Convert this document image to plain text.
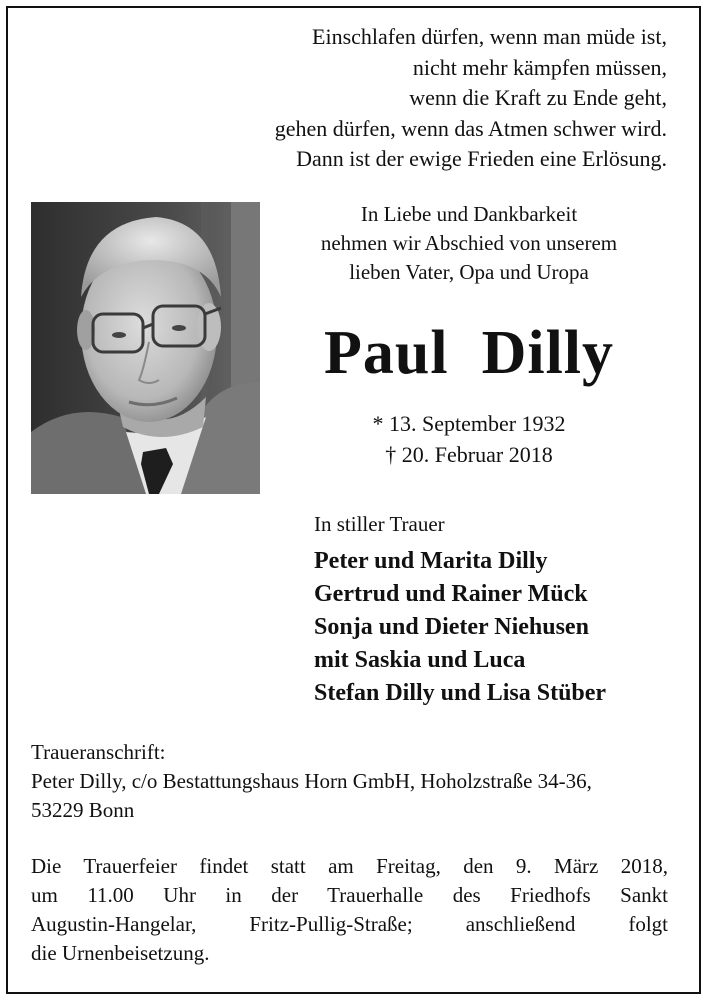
Einschlafen dürfen, wenn man müde ist,
nicht mehr kämpfen müssen,
wenn die Kraft zu Ende geht,
gehen dürfen, wenn das Atmen schwer wird.
Dann ist der ewige Frieden eine Erlösung.
In Liebe und Dankbarkeit
nehmen wir Abschied von unserem
lieben Vater, Opa und Uropa
Paul  Dilly
* 13. September 1932
† 20. Februar 2018
In stiller Trauer
Peter und Marita Dilly
Gertrud und Rainer Mück
Sonja und Dieter Niehusen
mit Saskia und Luca
Stefan Dilly und Lisa Stüber
Traueranschrift:
Peter Dilly, c/o Bestattungshaus Horn GmbH, Hoholzstraße 34-36,
53229 Bonn
Die Trauerfeier findet statt am Freitag, den 9. März 2018,
um 11.00 Uhr in der Trauerhalle des Friedhofs Sankt
Augustin-Hangelar, Fritz-Pullig-Straße; anschließend folgt
die Urnenbeisetzung.
